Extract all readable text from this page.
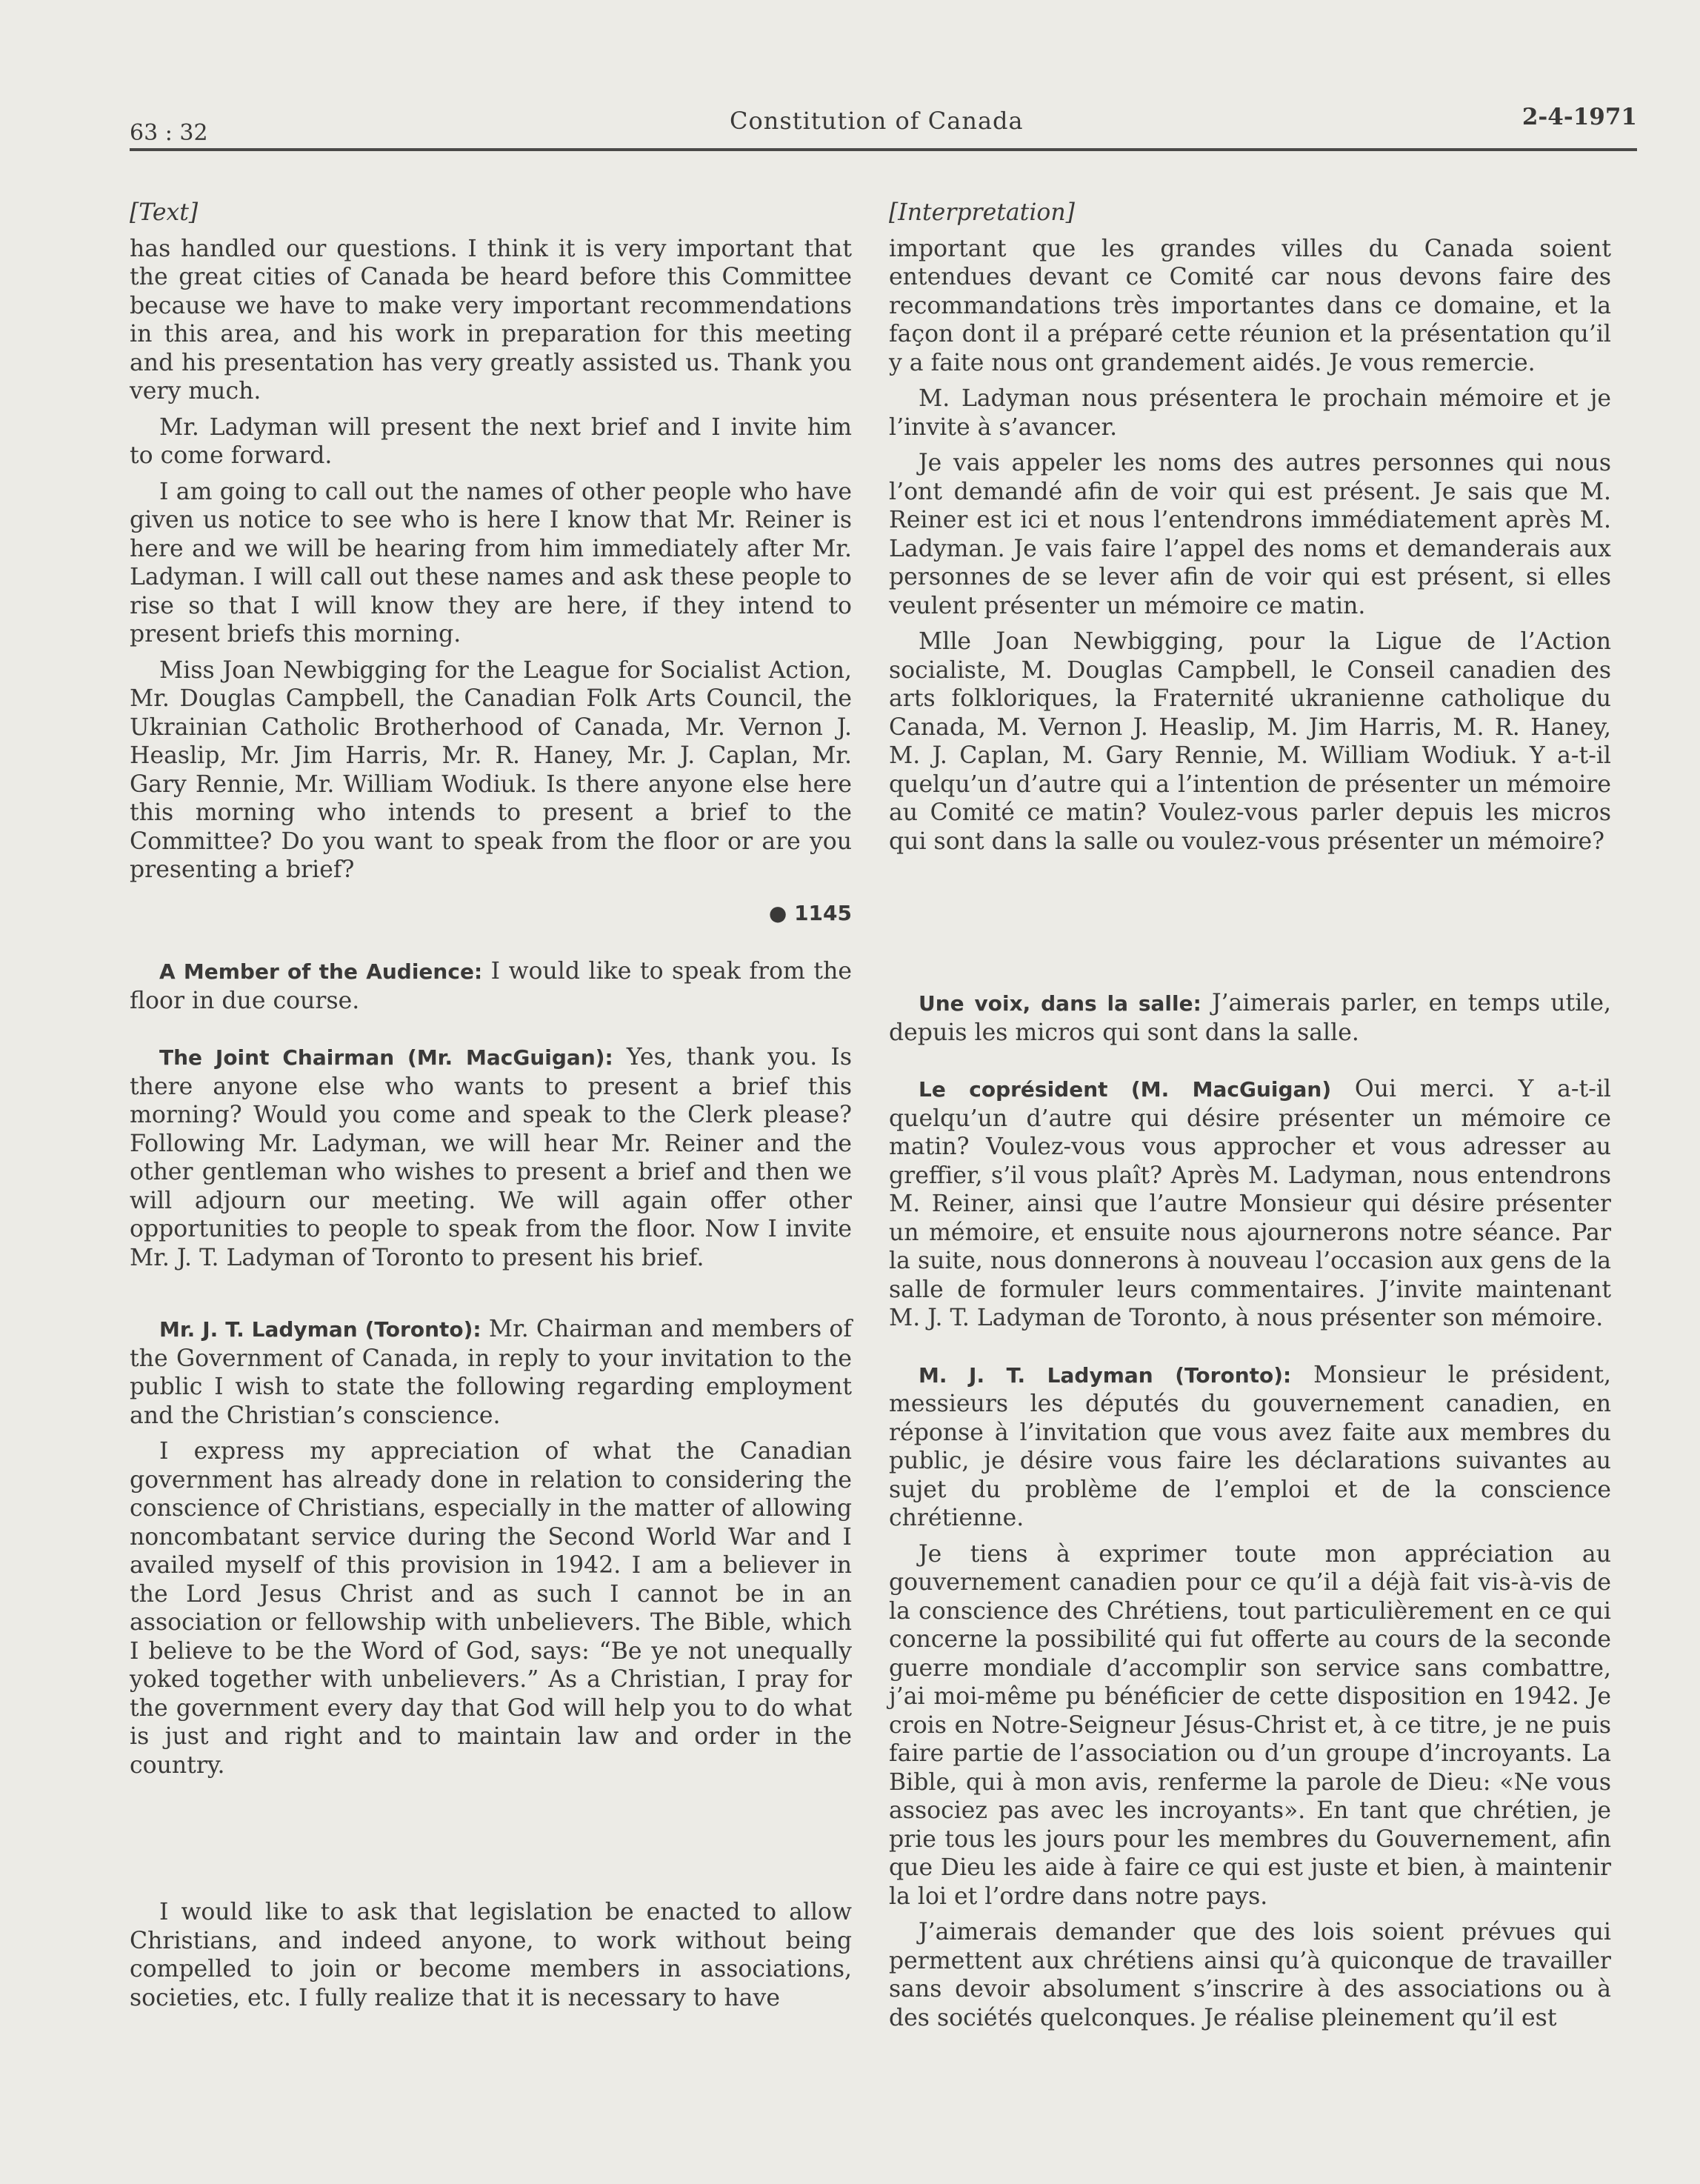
63 : 32	Constitution of Canada	2-4-1971

[Text]

has handled our questions. I think it is very important that the great cities of Canada be heard before this Committee because we have to make very important recommendations in this area, and his work in preparation for this meeting and his presentation has very greatly assisted us. Thank you very much.

Mr. Ladyman will present the next brief and I invite him to come forward.

I am going to call out the names of other people who have given us notice to see who is here I know that Mr. Reiner is here and we will be hearing from him immediately after Mr. Ladyman. I will call out these names and ask these people to rise so that I will know they are here, if they intend to present briefs this morning.

Miss Joan Newbigging for the League for Socialist Action, Mr. Douglas Campbell, the Canadian Folk Arts Council, the Ukrainian Catholic Brotherhood of Canada, Mr. Vernon J. Heaslip, Mr. Jim Harris, Mr. R. Haney, Mr. J. Caplan, Mr. Gary Rennie, Mr. William Wodiuk. Is there anyone else here this morning who intends to present a brief to the Committee? Do you want to speak from the floor or are you presenting a brief?

● 1145

A Member of the Audience: I would like to speak from the floor in due course.

The Joint Chairman (Mr. MacGuigan): Yes, thank you. Is there anyone else who wants to present a brief this morning? Would you come and speak to the Clerk please? Following Mr. Ladyman, we will hear Mr. Reiner and the other gentleman who wishes to present a brief and then we will adjourn our meeting. We will again offer other opportunities to people to speak from the floor. Now I invite Mr. J. T. Ladyman of Toronto to present his brief.

Mr. J. T. Ladyman (Toronto): Mr. Chairman and members of the Government of Canada, in reply to your invitation to the public I wish to state the following regarding employment and the Christian’s conscience.

I express my appreciation of what the Canadian government has already done in relation to considering the conscience of Christians, especially in the matter of allowing noncombatant service during the Second World War and I availed myself of this provision in 1942. I am a believer in the Lord Jesus Christ and as such I cannot be in an association or fellowship with unbelievers. The Bible, which I believe to be the Word of God, says: “Be ye not unequally yoked together with unbelievers.” As a Christian, I pray for the government every day that God will help you to do what is just and right and to maintain law and order in the country.

I would like to ask that legislation be enacted to allow Christians, and indeed anyone, to work without being compelled to join or become members in associations, societies, etc. I fully realize that it is necessary to have

[Interpretation]

important que les grandes villes du Canada soient entendues devant ce Comité car nous devons faire des recommandations très importantes dans ce domaine, et la façon dont il a préparé cette réunion et la présentation qu’il y a faite nous ont grandement aidés. Je vous remercie.

M. Ladyman nous présentera le prochain mémoire et je l’invite à s’avancer.

Je vais appeler les noms des autres personnes qui nous l’ont demandé afin de voir qui est présent. Je sais que M. Reiner est ici et nous l’entendrons immédiatement après M. Ladyman. Je vais faire l’appel des noms et demanderais aux personnes de se lever afin de voir qui est présent, si elles veulent présenter un mémoire ce matin.

Mlle Joan Newbigging, pour la Ligue de l’Action socialiste, M. Douglas Campbell, le Conseil canadien des arts folkloriques, la Fraternité ukranienne catholique du Canada, M. Vernon J. Heaslip, M. Jim Harris, M. R. Haney, M. J. Caplan, M. Gary Rennie, M. William Wodiuk. Y a-t-il quelqu’un d’autre qui a l’intention de présenter un mémoire au Comité ce matin? Voulez-vous parler depuis les micros qui sont dans la salle ou voulez-vous présenter un mémoire?

Une voix, dans la salle: J’aimerais parler, en temps utile, depuis les micros qui sont dans la salle.

Le coprésident (M. MacGuigan) Oui merci. Y a-t-il quelqu’un d’autre qui désire présenter un mémoire ce matin? Voulez-vous vous approcher et vous adresser au greffier, s’il vous plaît? Après M. Ladyman, nous entendrons M. Reiner, ainsi que l’autre Monsieur qui désire présenter un mémoire, et ensuite nous ajournerons notre séance. Par la suite, nous donnerons à nouveau l’occasion aux gens de la salle de formuler leurs commentaires. J’invite maintenant M. J. T. Ladyman de Toronto, à nous présenter son mémoire.

M. J. T. Ladyman (Toronto): Monsieur le président, messieurs les députés du gouvernement canadien, en réponse à l’invitation que vous avez faite aux membres du public, je désire vous faire les déclarations suivantes au sujet du problème de l’emploi et de la conscience chrétienne.

Je tiens à exprimer toute mon appréciation au gouvernement canadien pour ce qu’il a déjà fait vis-à-vis de la conscience des Chrétiens, tout particulièrement en ce qui concerne la possibilité qui fut offerte au cours de la seconde guerre mondiale d’accomplir son service sans combattre, j’ai moi-même pu bénéficier de cette disposition en 1942. Je crois en Notre-Seigneur Jésus-Christ et, à ce titre, je ne puis faire partie de l’association ou d’un groupe d’incroyants. La Bible, qui à mon avis, renferme la parole de Dieu: «Ne vous associez pas avec les incroyants». En tant que chrétien, je prie tous les jours pour les membres du Gouvernement, afin que Dieu les aide à faire ce qui est juste et bien, à maintenir la loi et l’ordre dans notre pays.

J’aimerais demander que des lois soient prévues qui permettent aux chrétiens ainsi qu’à quiconque de travailler sans devoir absolument s’inscrire à des associations ou à des sociétés quelconques. Je réalise pleinement qu’il est
